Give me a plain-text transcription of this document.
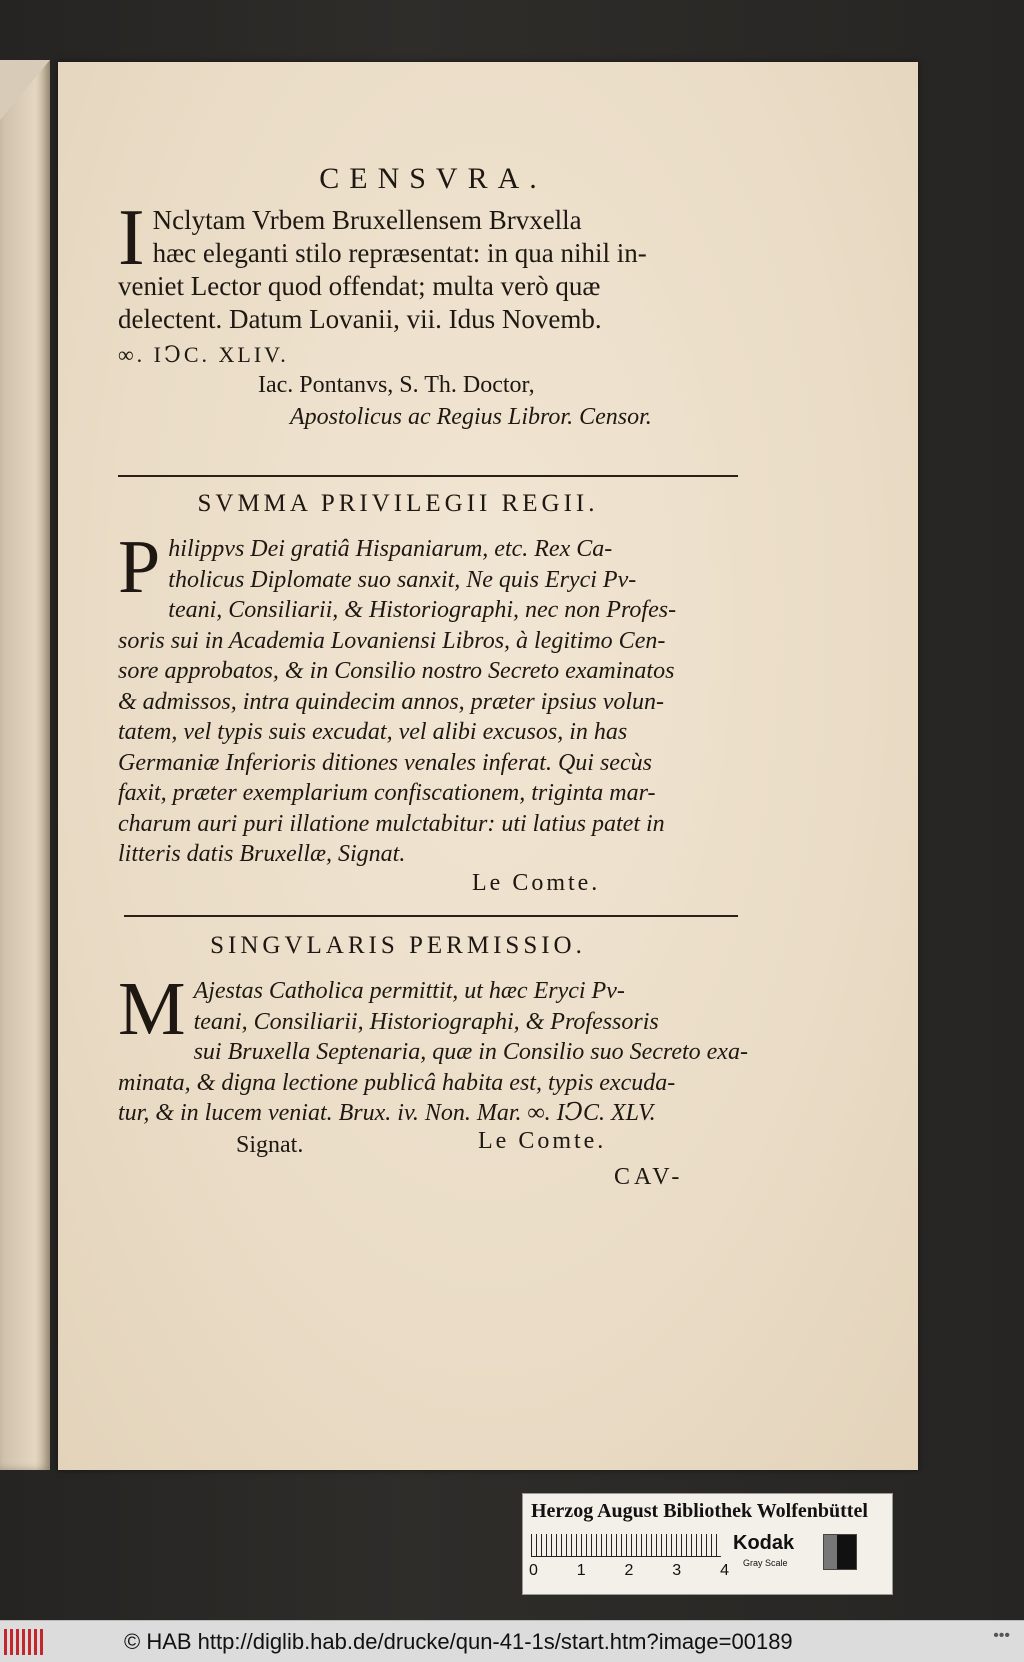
CENSVRA.
I Nclytam Vrbem Bruxellensem Brvxella
hæc eleganti stilo repræsentat: in qua nihil in-
veniet Lector quod offendat; multa verò quæ
delectent. Datum Lovanii, vii. Idus Novemb.
∞. IↃC. XLIV.
Iac. Pontanvs, S. Th. Doctor,
Apostolicus ac Regius Libror. Censor.
SVMMA PRIVILEGII REGII.
P hilippvs Dei gratiâ Hispaniarum, etc. Rex Ca-
tholicus Diplomate suo sanxit, Ne quis Eryci Pv-
teani, Consiliarii, & Historiographi, nec non Profes-
soris sui in Academia Lovaniensi Libros, à legitimo Cen-
sore approbatos, & in Consilio nostro Secreto examinatos
& admissos, intra quindecim annos, præter ipsius volun-
tatem, vel typis suis excudat, vel alibi excusos, in has
Germaniæ Inferioris ditiones venales inferat. Qui secùs
faxit, præter exemplarium confiscationem, triginta mar-
charum auri puri illatione mulctabitur: uti latius patet in
litteris datis Bruxellæ, Signat.
Le Comte.
SINGVLARIS PERMISSIO.
M Ajestas Catholica permittit, ut hæc Eryci Pv-
teani, Consiliarii, Historiographi, & Professoris
sui Bruxella Septenaria, quæ in Consilio suo Secreto exa-
minata, & digna lectione publicâ habita est, typis excuda-
tur, & in lucem veniat. Brux. iv. Non. Mar. ∞. IↃC. XLV.
Signat.	Le Comte.
CAV-
Herzog August Bibliothek Wolfenbüttel
0 1 2 3 4
Kodak
Gray Scale
© HAB http://diglib.hab.de/drucke/qun-41-1s/start.htm?image=00189	•••
